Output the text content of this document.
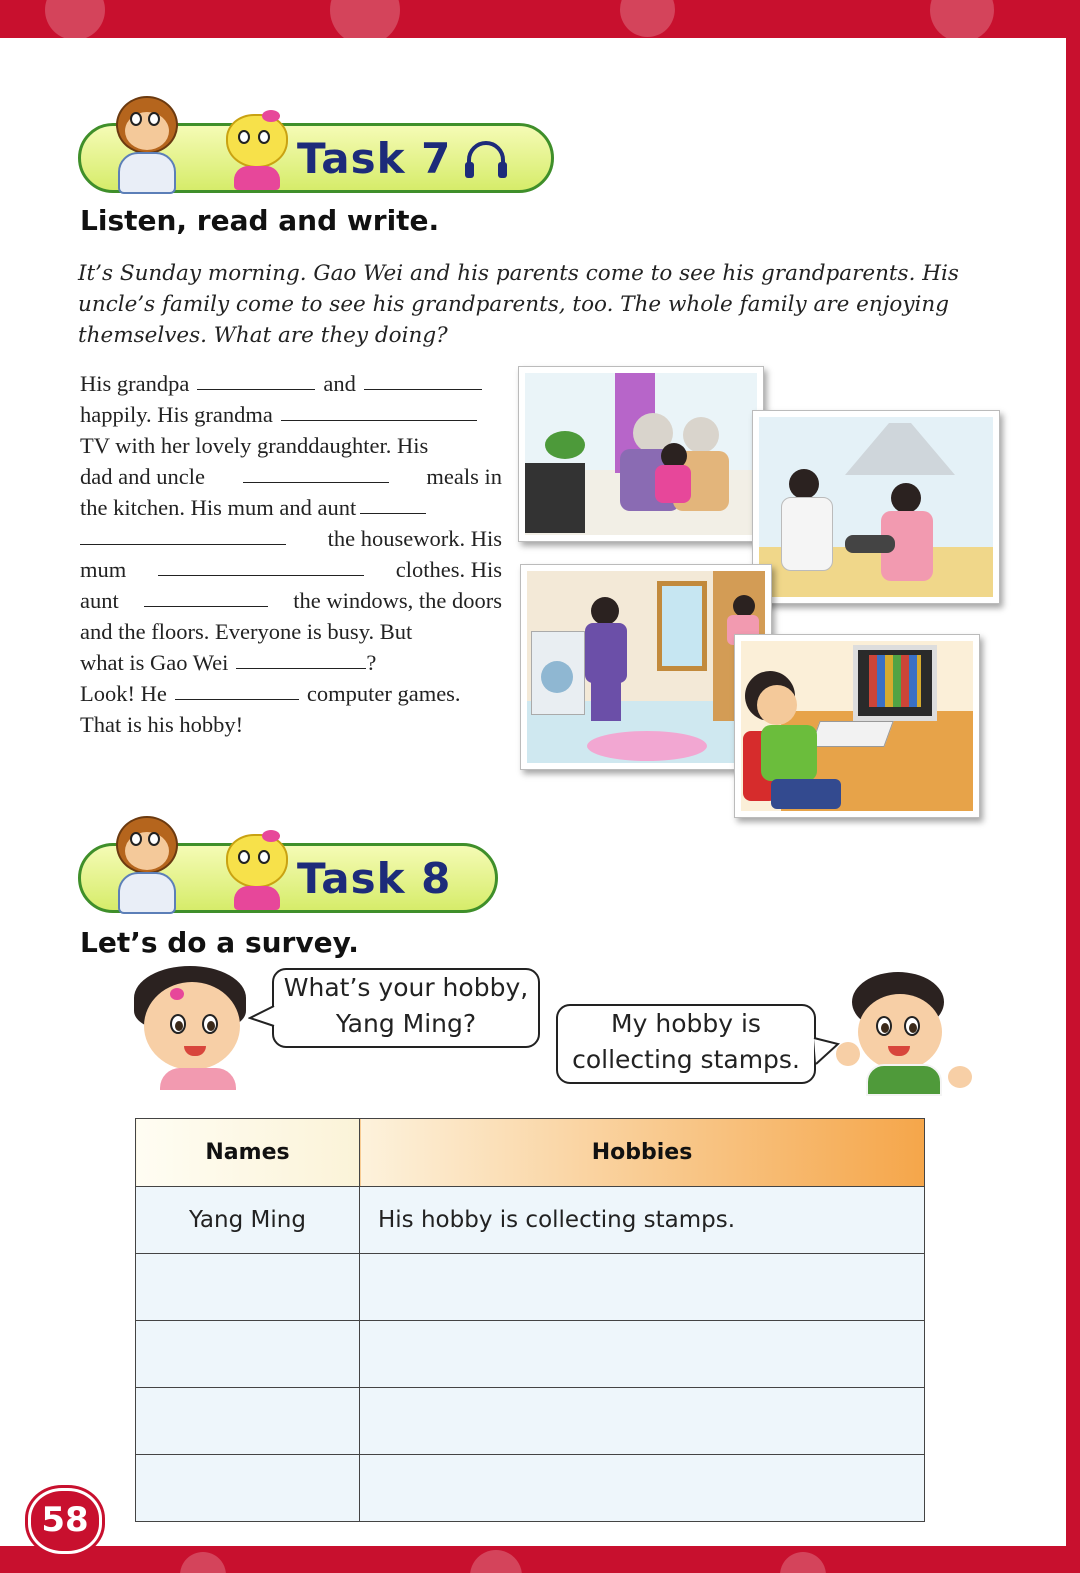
Task 7
Listen, read and write.
It’s Sunday morning. Gao Wei and his parents come to see his grandparents. His uncle’s family come to see his grandparents, too. The whole family are enjoying themselves. What are they doing?
His grandpa	and
happily. His grandma
TV with her lovely granddaughter. His
dad and uncle	meals in
the kitchen. His mum and aunt
the housework. His
mum	clothes. His
aunt	the windows, the doors
and the floors. Everyone is busy. But
what is Gao Wei	?
Look! He	computer games.
That is his hobby!
Task 8
Let’s do a survey.
What’s your hobby,
Yang Ming?	My hobby is
collecting stamps.
Names	Hobbies
Yang Ming	His hobby is collecting stamps.

58
